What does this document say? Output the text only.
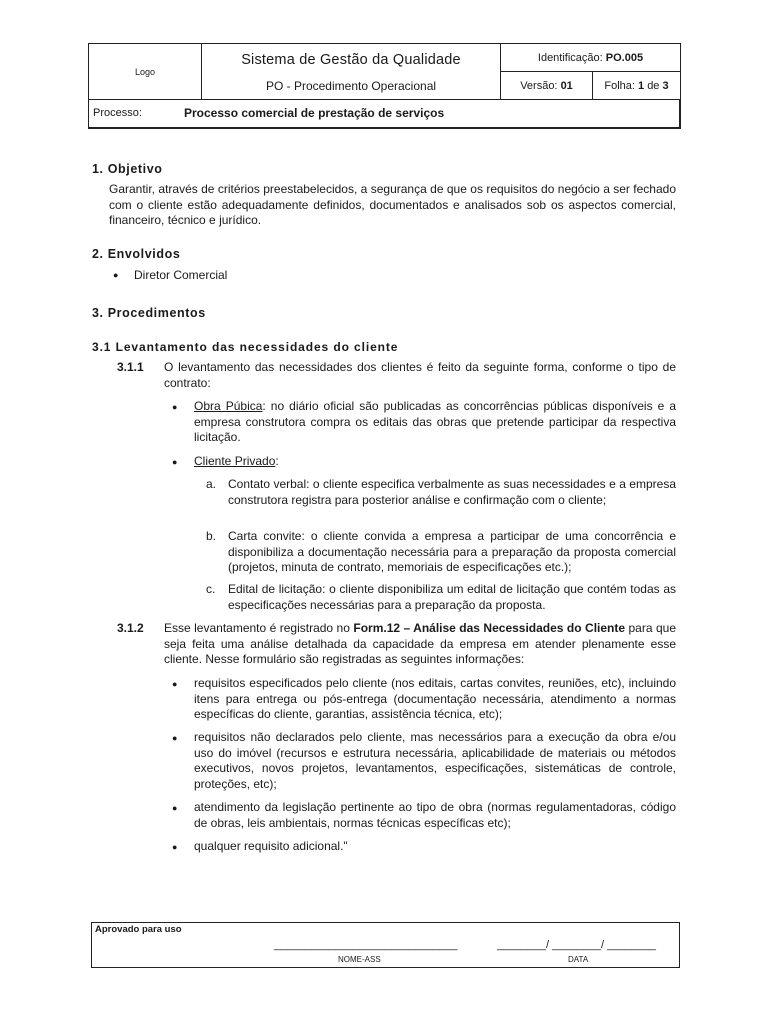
Logo
Sistema de Gestão da Qualidade
PO - Procedimento Operacional
Identificação:
PO.005
Versão:
01	Folha:
1
de
3
Processo:	Processo comercial de prestação de serviços
1. Objetivo
Garantir, através de critérios preestabelecidos, a segurança de que os requisitos do negócio a ser fechado com o cliente estão adequadamente definidos, documentados e analisados sob os aspectos comercial, financeiro, técnico e jurídico.
2. Envolvidos
● Diretor Comercial
3. Procedimentos
3.1 Levantamento das necessidades do cliente
3.1.1 O levantamento das necessidades dos clientes é feito da seguinte forma, conforme o tipo de contrato:
● Obra Púbica: no diário oficial são publicadas as concorrências públicas disponíveis e a empresa construtora compra os editais das obras que pretende participar da respectiva licitação.
● Cliente Privado:
a. Contato verbal: o cliente especifica verbalmente as suas necessidades e a empresa construtora registra para posterior análise e confirmação com o cliente;
b. Carta convite: o cliente convida a empresa a participar de uma concorrência e disponibiliza a documentação necessária para a preparação da proposta comercial (projetos, minuta de contrato, memoriais de especificações etc.);
c. Edital de licitação: o cliente disponibiliza um edital de licitação que contém todas as especificações necessárias para a preparação da proposta.
3.1.2 Esse levantamento é registrado no Form.12 – Análise das Necessidades do Cliente para que seja feita uma análise detalhada da capacidade da empresa em atender plenamente esse cliente. Nesse formulário são registradas as seguintes informações:
● requisitos especificados pelo cliente (nos editais, cartas convites, reuniões, etc), incluindo itens para entrega ou pós-entrega (documentação necessária, atendimento a normas específicas do cliente, garantias, assistência técnica, etc);
● requisitos não declarados pelo cliente, mas necessários para a execução da obra e/ou uso do imóvel (recursos e estrutura necessária, aplicabilidade de materiais ou métodos executivos, novos projetos, levantamentos, especificações, sistemáticas de controle, proteções, etc);
● atendimento da legislação pertinente ao tipo de obra (normas regulamentadoras, código de obras, leis ambientais, normas técnicas específicas etc);
● qualquer requisito adicional."
Aprovado para uso
______________________________
NOME-ASS
________/ ________/ ________
DATA
